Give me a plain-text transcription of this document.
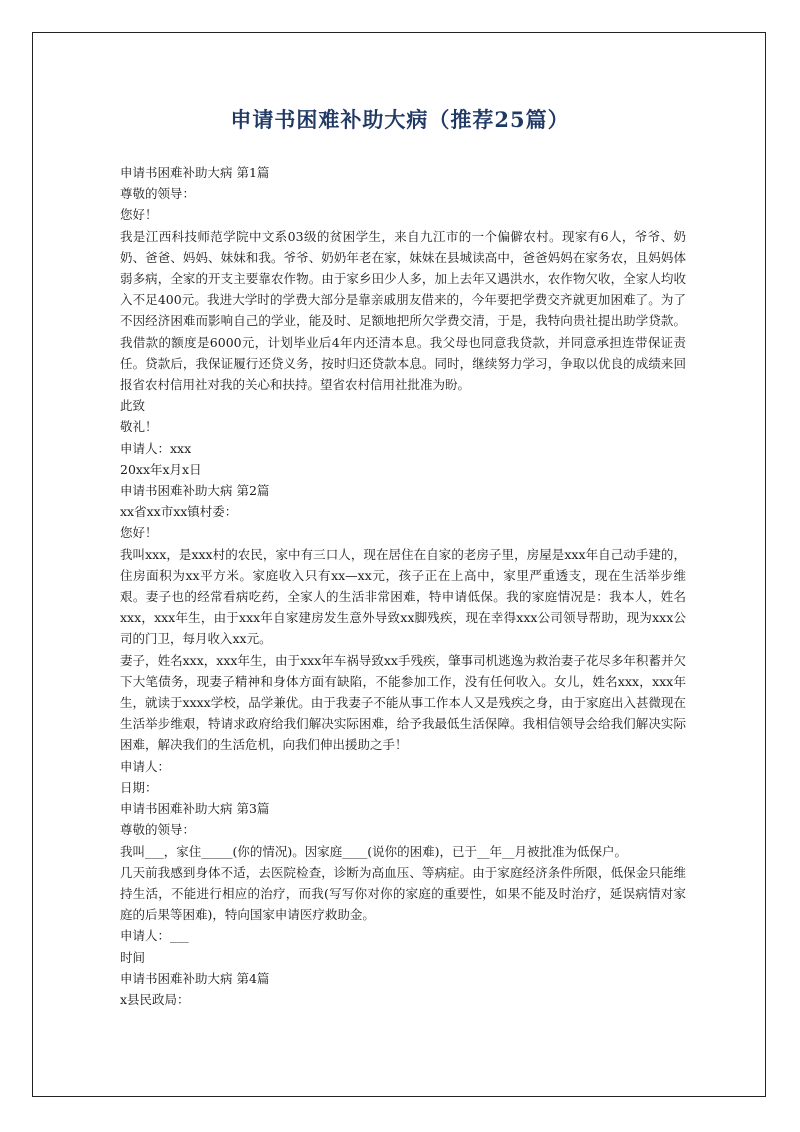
申请书困难补助大病（推荐25篇）
申请书困难补助大病 第1篇
尊敬的领导：
您好！
我是江西科技师范学院中文系03级的贫困学生，来自九江市的一个偏僻农村。现家有6人，爷爷、奶奶、爸爸、妈妈、妹妹和我。爷爷、奶奶年老在家，妹妹在县城读高中，爸爸妈妈在家务农，且妈妈体弱多病，全家的开支主要靠农作物。由于家乡田少人多，加上去年又遇洪水，农作物欠收，全家人均收入不足400元。我进大学时的学费大部分是靠亲戚朋友借来的，今年要把学费交齐就更加困难了。为了不因经济困难而影响自己的学业，能及时、足额地把所欠学费交清，于是，我特向贵社提出助学贷款。我借款的额度是6000元，计划毕业后4年内还清本息。我父母也同意我贷款，并同意承担连带保证责任。贷款后，我保证履行还贷义务，按时归还贷款本息。同时，继续努力学习，争取以优良的成绩来回报省农村信用社对我的关心和扶持。望省农村信用社批准为盼。
此致
敬礼！
申请人：xxx
20xx年x月x日
申请书困难补助大病 第2篇
xx省xx市xx镇村委：
您好！
我叫xxx，是xxx村的农民，家中有三口人，现在居住在自家的老房子里，房屋是xxx年自己动手建的，住房面积为xx平方米。家庭收入只有xx—xx元，孩子正在上高中，家里严重透支，现在生活举步维艰。妻子也的经常看病吃药，全家人的生活非常困难，特申请低保。我的家庭情况是：我本人，姓名xxx，xxx年生，由于xxx年自家建房发生意外导致xx脚残疾，现在幸得xxx公司领导帮助，现为xxx公司的门卫，每月收入xx元。
妻子，姓名xxx，xxx年生，由于xxx年车祸导致xx手残疾，肇事司机逃逸为救治妻子花尽多年积蓄并欠下大笔债务，现妻子精神和身体方面有缺陷，不能参加工作，没有任何收入。女儿，姓名xxx，xxx年生，就读于xxxx学校，品学兼优。由于我妻子不能从事工作本人又是残疾之身，由于家庭出入甚微现在生活举步维艰，特请求政府给我们解决实际困难，给予我最低生活保障。我相信领导会给我们解决实际困难，解决我们的生活危机，向我们伸出援助之手！
申请人：
日期：
申请书困难补助大病 第3篇
尊敬的领导：
我叫___，家住_____(你的情况)。因家庭____(说你的困难)，已于__年__月被批准为低保户。
几天前我感到身体不适，去医院检查，诊断为高血压、等病症。由于家庭经济条件所限，低保金只能维持生活，不能进行相应的治疗，而我(写写你对你的家庭的重要性，如果不能及时治疗，延误病情对家庭的后果等困难)，特向国家申请医疗救助金。
申请人：___
时间
申请书困难补助大病 第4篇
x县民政局：
